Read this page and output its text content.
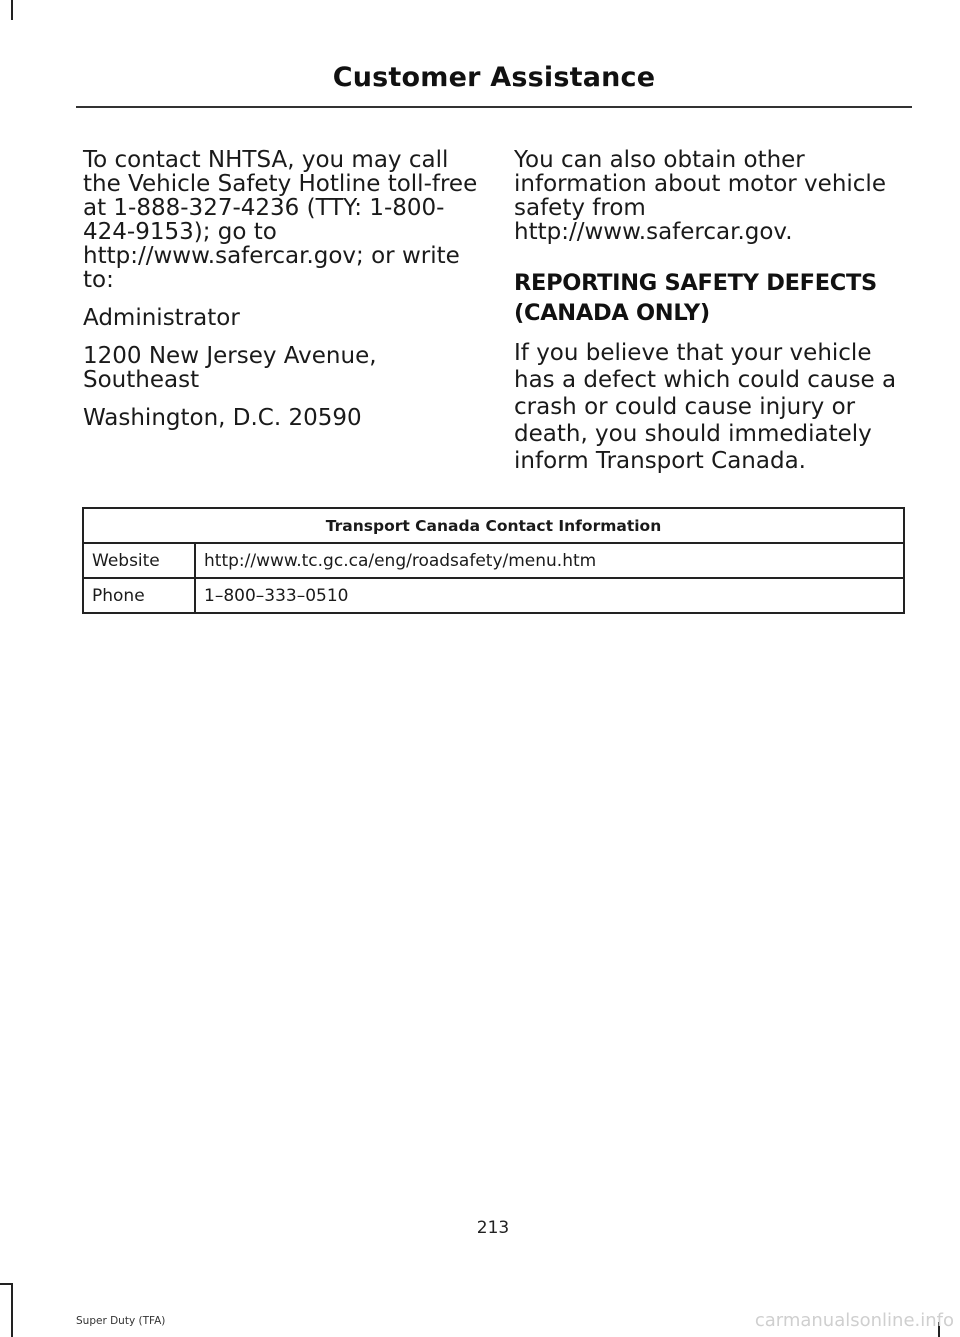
Customer Assistance

To contact NHTSA, you may call the Vehicle Safety Hotline toll-free at 1-888-327-4236 (TTY: 1-800-424-9153); go to http://www.safercar.gov; or write to:

Administrator

1200 New Jersey Avenue, Southeast

Washington, D.C. 20590

You can also obtain other information about motor vehicle safety from http://www.safercar.gov.

REPORTING SAFETY DEFECTS

(CANADA ONLY)

If you believe that your vehicle has a defect which could cause a crash or could cause injury or death, you should immediately inform Transport Canada.

Transport Canada Contact Information	
Website	http://www.tc.gc.ca/eng/roadsafety/menu.htm
Phone	1–800–333–0510
213
Super Duty (TFA)	carmanualsonline.info
